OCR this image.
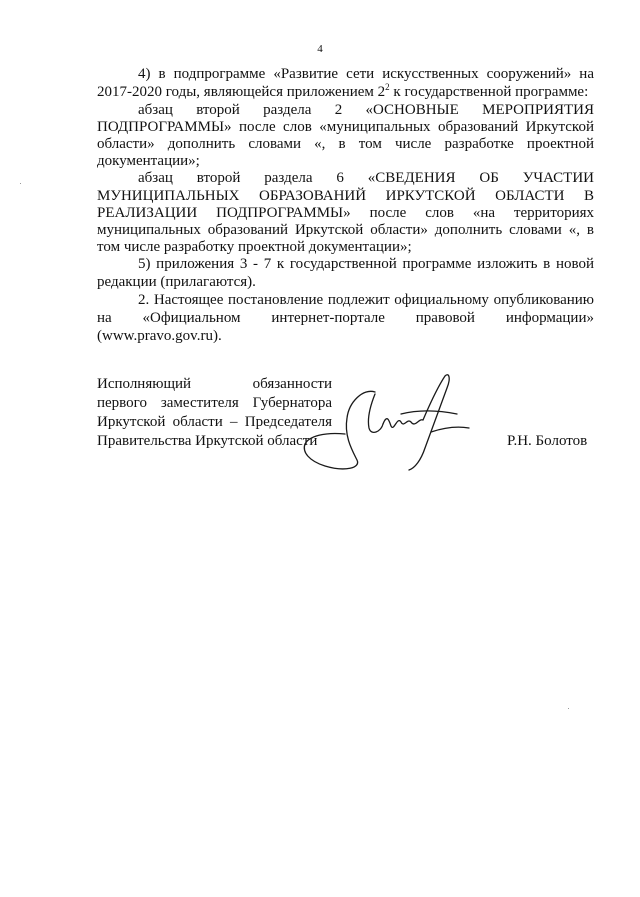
4

4) в подпрограмме «Развитие сети искусственных сооружений» на 2017-2020 годы, являющейся приложением $2^2$ к государственной программе:

абзац второй раздела 2 «ОСНОВНЫЕ МЕРОПРИЯТИЯ ПОДПРОГРАММЫ» после слов «муниципальных образований Иркутской области» дополнить словами «, в том числе разработке проектной документации»;

абзац второй раздела 6 «СВЕДЕНИЯ ОБ УЧАСТИИ МУНИЦИПАЛЬНЫХ ОБРАЗОВАНИЙ ИРКУТСКОЙ ОБЛАСТИ В РЕАЛИЗАЦИИ ПОДПРОГРАММЫ» после слов «на территориях муниципальных образований Иркутской области» дополнить словами «, в том числе разработку проектной документации»;

5) приложения 3 - 7 к государственной программе изложить в новой редакции (прилагаются).

2. Настоящее постановление подлежит официальному опубликованию на «Официальном интернет-портале правовой информации» (www.pravo.gov.ru).

Исполняющий обязанности
первого заместителя Губернатора
Иркутской области – Председателя
Правительства Иркутской области	Р.Н. Болотов
